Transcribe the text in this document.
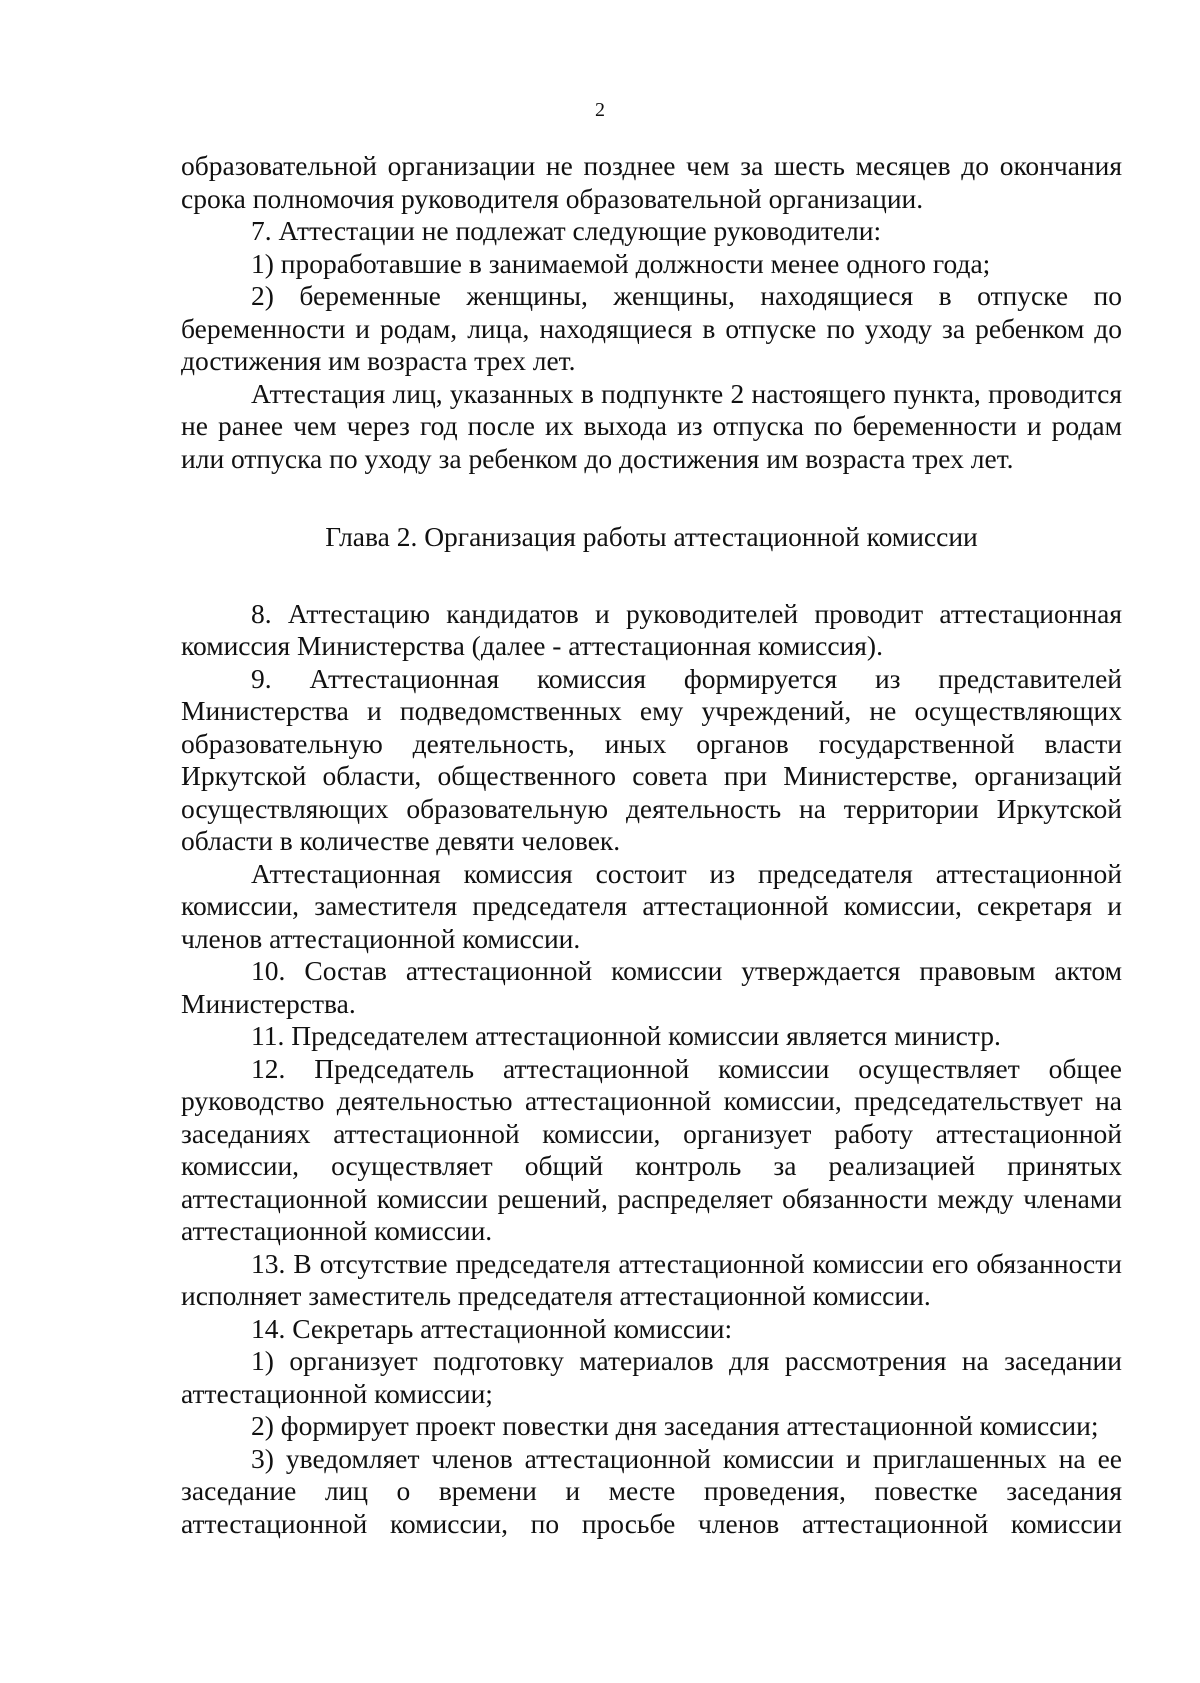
2

образовательной организации не позднее чем за шесть месяцев до окончания срока полномочия руководителя образовательной организации.

7. Аттестации не подлежат следующие руководители:

1) проработавшие в занимаемой должности менее одного года;

2) беременные женщины, женщины, находящиеся в отпуске по беременности и родам, лица, находящиеся в отпуске по уходу за ребенком до достижения им возраста трех лет.

Аттестация лиц, указанных в подпункте 2 настоящего пункта, проводится не ранее чем через год после их выхода из отпуска по беременности и родам или отпуска по уходу за ребенком до достижения им возраста трех лет.

Глава 2. Организация работы аттестационной комиссии

8. Аттестацию кандидатов и руководителей проводит аттестационная комиссия Министерства (далее - аттестационная комиссия).

9. Аттестационная комиссия формируется из представителей Министерства и подведомственных ему учреждений, не осуществляющих образовательную деятельность, иных органов государственной власти Иркутской области, общественного совета при Министерстве, организаций осуществляющих образовательную деятельность на территории Иркутской области в количестве девяти человек.

Аттестационная комиссия состоит из председателя аттестационной комиссии, заместителя председателя аттестационной комиссии, секретаря и членов аттестационной комиссии.

10. Состав аттестационной комиссии утверждается правовым актом Министерства.

11. Председателем аттестационной комиссии является министр.

12. Председатель аттестационной комиссии осуществляет общее руководство деятельностью аттестационной комиссии, председательствует на заседаниях аттестационной комиссии, организует работу аттестационной комиссии, осуществляет общий контроль за реализацией принятых аттестационной комиссии решений, распределяет обязанности между членами аттестационной комиссии.

13. В отсутствие председателя аттестационной комиссии его обязанности исполняет заместитель председателя аттестационной комиссии.

14. Секретарь аттестационной комиссии:

1) организует подготовку материалов для рассмотрения на заседании аттестационной комиссии;

2) формирует проект повестки дня заседания аттестационной комиссии;

3) уведомляет членов аттестационной комиссии и приглашенных на ее заседание лиц о времени и месте проведения, повестке заседания аттестационной комиссии, по просьбе членов аттестационной комиссии
